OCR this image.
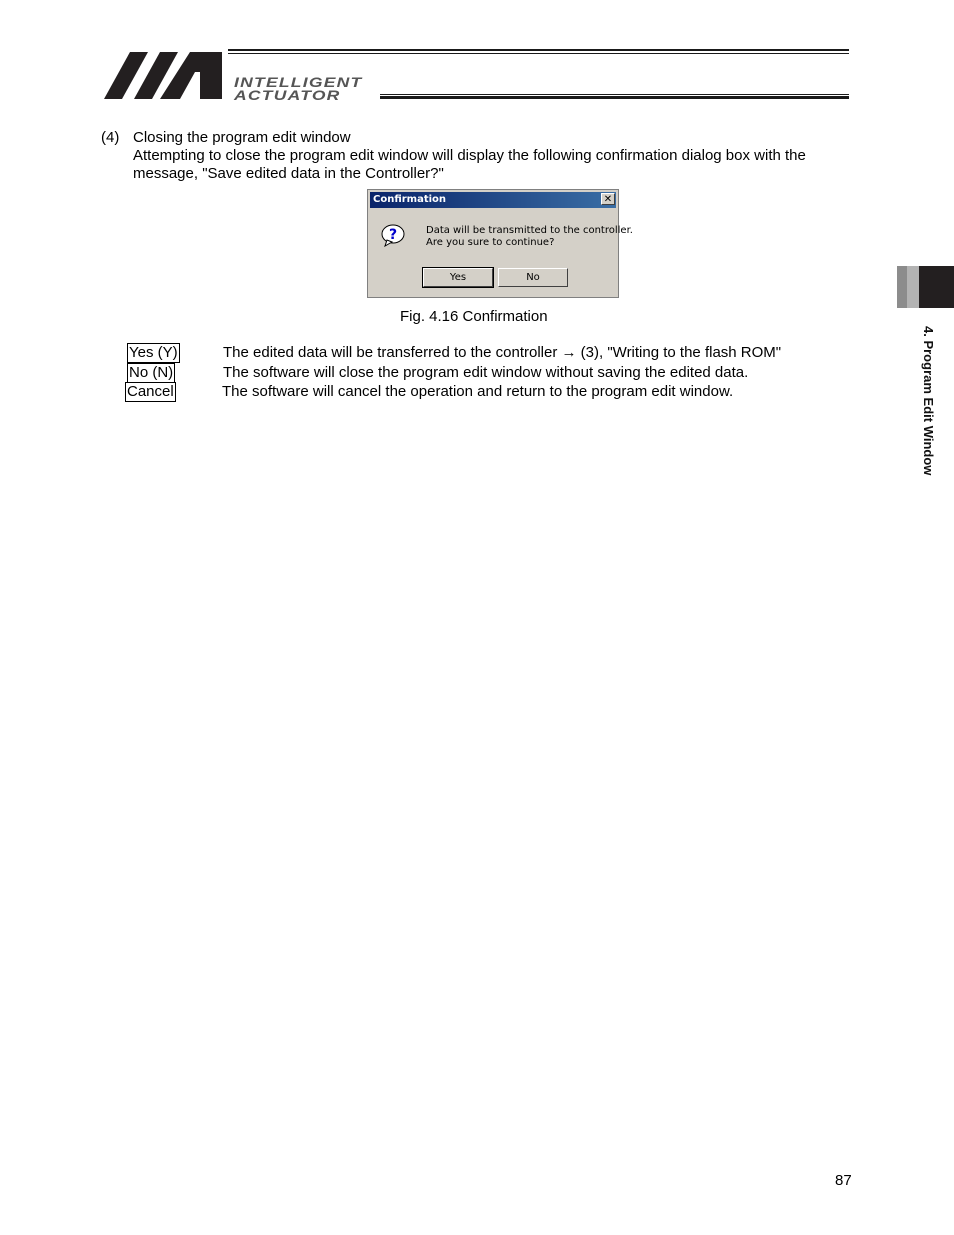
INTELLIGENT
ACTUATOR
4. Program Edit Window
(4) Closing the program edit window
Attempting to close the program edit window will display the following confirmation dialog box with the
message, "Save edited data in the Controller?"
Confirmation	✕
?	Data will be transmitted to the controller.
Are you sure to continue?
Yes	No
Fig. 4.16 Confirmation
Yes (Y)	The edited data will be transferred to the controller → (3), "Writing to the flash ROM"
No (N)	The software will close the program edit window without saving the edited data.
Cancel	The software will cancel the operation and return to the program edit window.
87
